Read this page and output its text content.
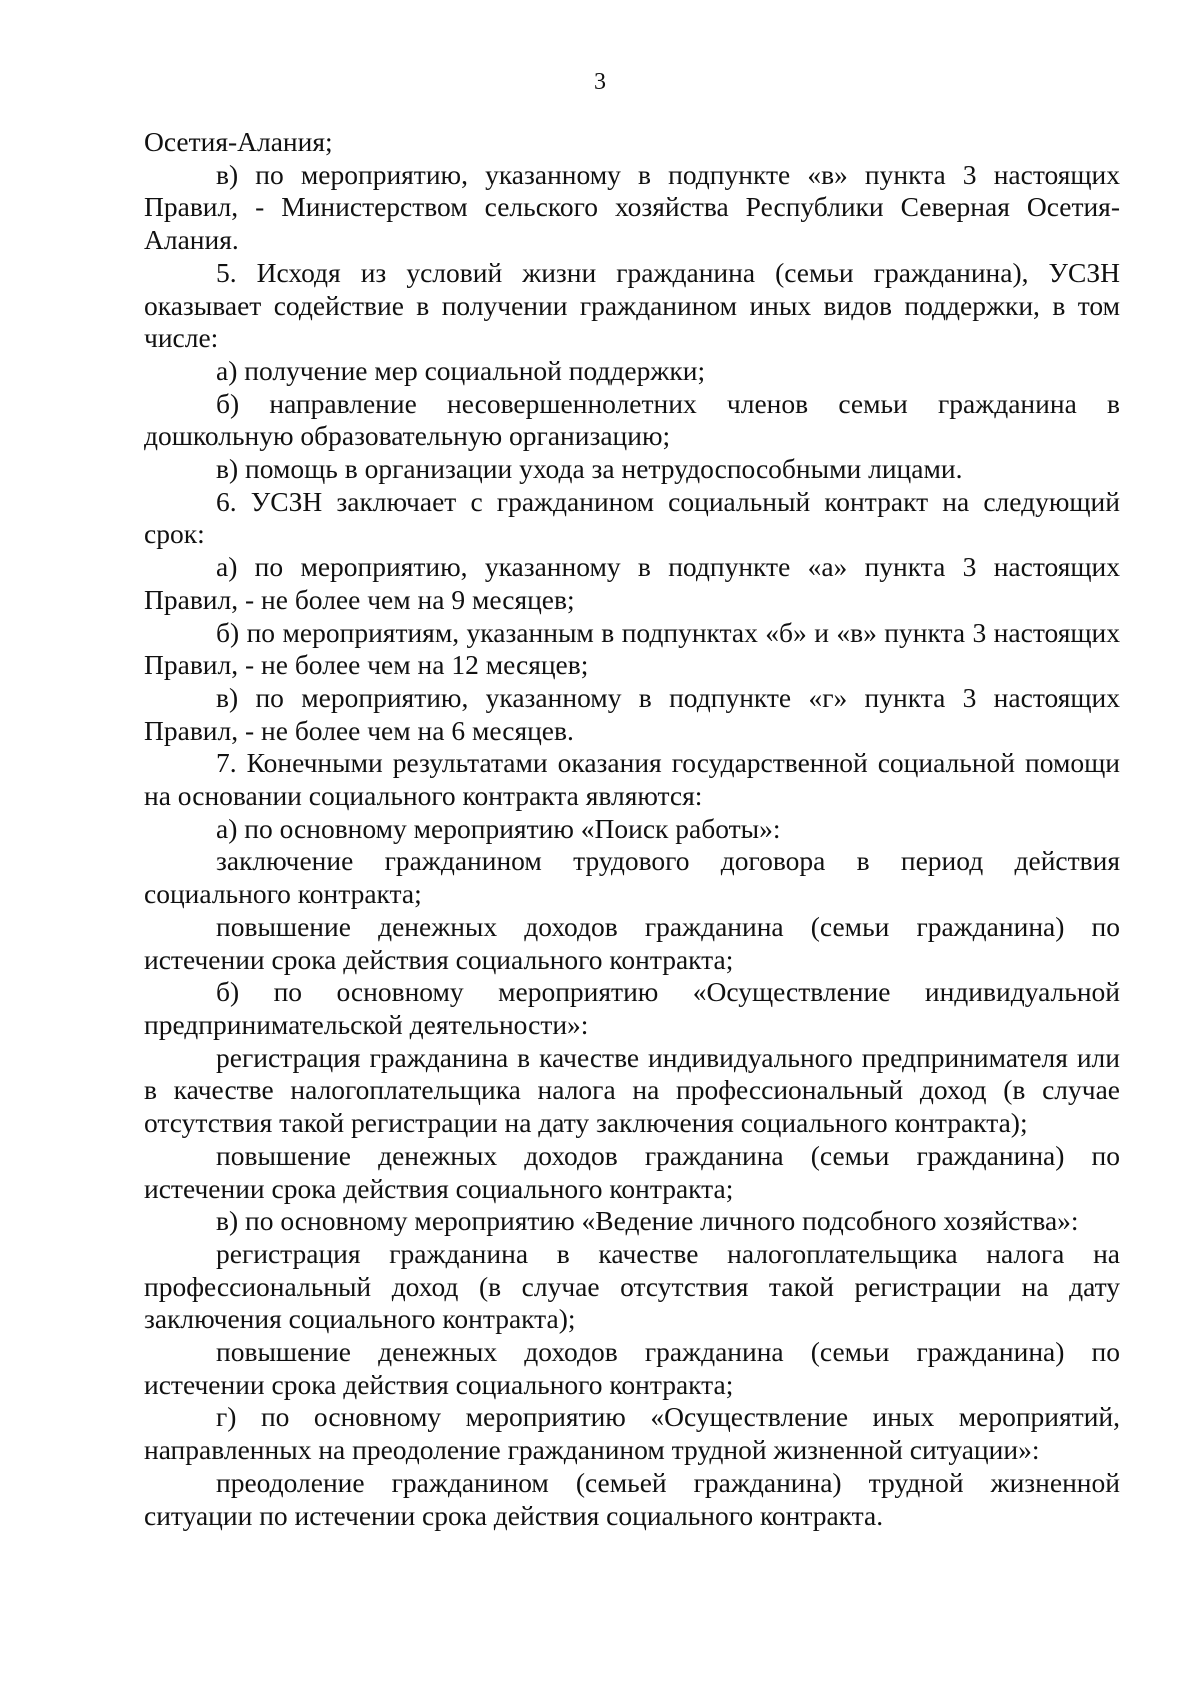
3

Осетия-Алания;

в) по мероприятию, указанному в подпункте «в» пункта 3 настоящих Правил, - Министерством сельского хозяйства Республики Северная Осетия-Алания.

5. Исходя из условий жизни гражданина (семьи гражданина), УСЗН оказывает содействие в получении гражданином иных видов поддержки, в том числе:

а) получение мер социальной поддержки;

б) направление несовершеннолетних членов семьи гражданина в дошкольную образовательную организацию;

в) помощь в организации ухода за нетрудоспособными лицами.

6. УСЗН заключает с гражданином социальный контракт на следующий срок:

а) по мероприятию, указанному в подпункте «а» пункта 3 настоящих Правил, - не более чем на 9 месяцев;

б) по мероприятиям, указанным в подпунктах «б» и «в» пункта 3 настоящих Правил, - не более чем на 12 месяцев;

в) по мероприятию, указанному в подпункте «г» пункта 3 настоящих Правил, - не более чем на 6 месяцев.

7. Конечными результатами оказания государственной социальной помощи на основании социального контракта являются:

а) по основному мероприятию «Поиск работы»:

заключение гражданином трудового договора в период действия социального контракта;

повышение денежных доходов гражданина (семьи гражданина) по истечении срока действия социального контракта;

б) по основному мероприятию «Осуществление индивидуальной предпринимательской деятельности»:

регистрация гражданина в качестве индивидуального предпринимателя или в качестве налогоплательщика налога на профессиональный доход (в случае отсутствия такой регистрации на дату заключения социального контракта);

повышение денежных доходов гражданина (семьи гражданина) по истечении срока действия социального контракта;

в) по основному мероприятию «Ведение личного подсобного хозяйства»:

регистрация гражданина в качестве налогоплательщика налога на профессиональный доход (в случае отсутствия такой регистрации на дату заключения социального контракта);

повышение денежных доходов гражданина (семьи гражданина) по истечении срока действия социального контракта;

г) по основному мероприятию «Осуществление иных мероприятий, направленных на преодоление гражданином трудной жизненной ситуации»:

преодоление гражданином (семьей гражданина) трудной жизненной ситуации по истечении срока действия социального контракта.
